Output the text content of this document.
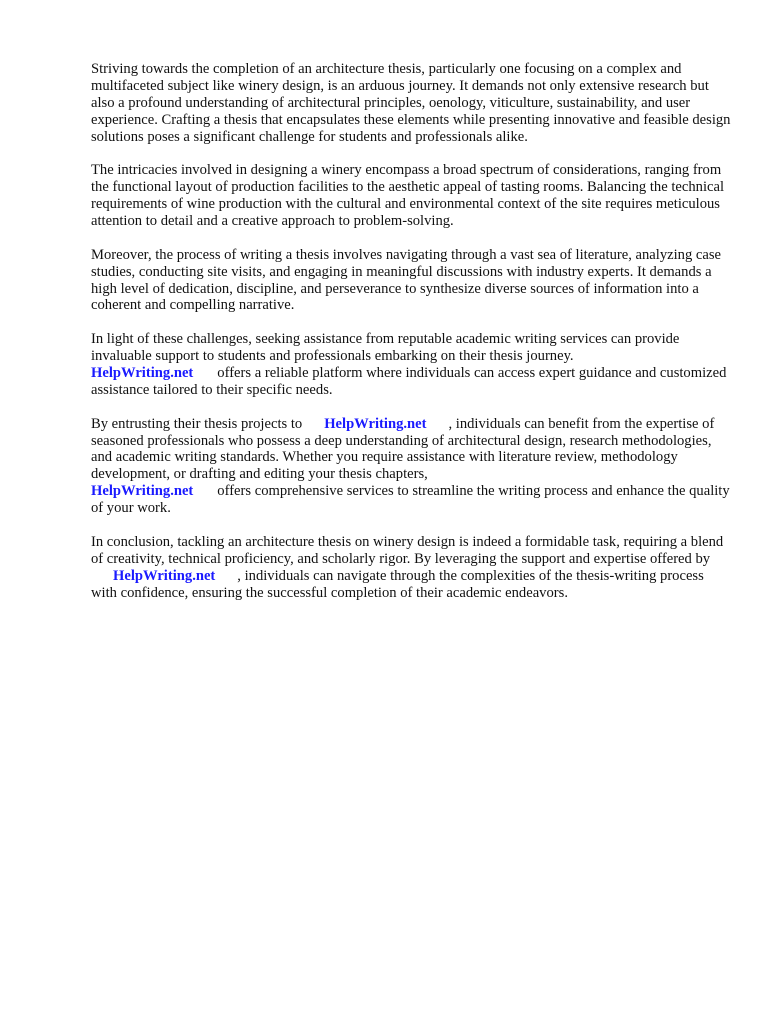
Striving towards the completion of an architecture thesis, particularly one focusing on a complex and multifaceted subject like winery design, is an arduous journey. It demands not only extensive research but also a profound understanding of architectural principles, oenology, viticulture, sustainability, and user experience. Crafting a thesis that encapsulates these elements while presenting innovative and feasible design solutions poses a significant challenge for students and professionals alike.

The intricacies involved in designing a winery encompass a broad spectrum of considerations, ranging from the functional layout of production facilities to the aesthetic appeal of tasting rooms. Balancing the technical requirements of wine production with the cultural and environmental context of the site requires meticulous attention to detail and a creative approach to problem-solving.

Moreover, the process of writing a thesis involves navigating through a vast sea of literature, analyzing case studies, conducting site visits, and engaging in meaningful discussions with industry experts. It demands a high level of dedication, discipline, and perseverance to synthesize diverse sources of information into a coherent and compelling narrative.

In light of these challenges, seeking assistance from reputable academic writing services can provide invaluable support to students and professionals embarking on their thesis journey.
HelpWriting.net offers a reliable platform where individuals can access expert guidance and customized assistance tailored to their specific needs.

By entrusting their thesis projects to HelpWriting.net , individuals can benefit from the expertise of seasoned professionals who possess a deep understanding of architectural design, research methodologies, and academic writing standards. Whether you require assistance with literature review, methodology development, or drafting and editing your thesis chapters,
HelpWriting.net offers comprehensive services to streamline the writing process and enhance the quality of your work.

In conclusion, tackling an architecture thesis on winery design is indeed a formidable task, requiring a blend of creativity, technical proficiency, and scholarly rigor. By leveraging the support and expertise offered byHelpWriting.net , individuals can navigate through the complexities of the thesis-writing process with confidence, ensuring the successful completion of their academic endeavors.
